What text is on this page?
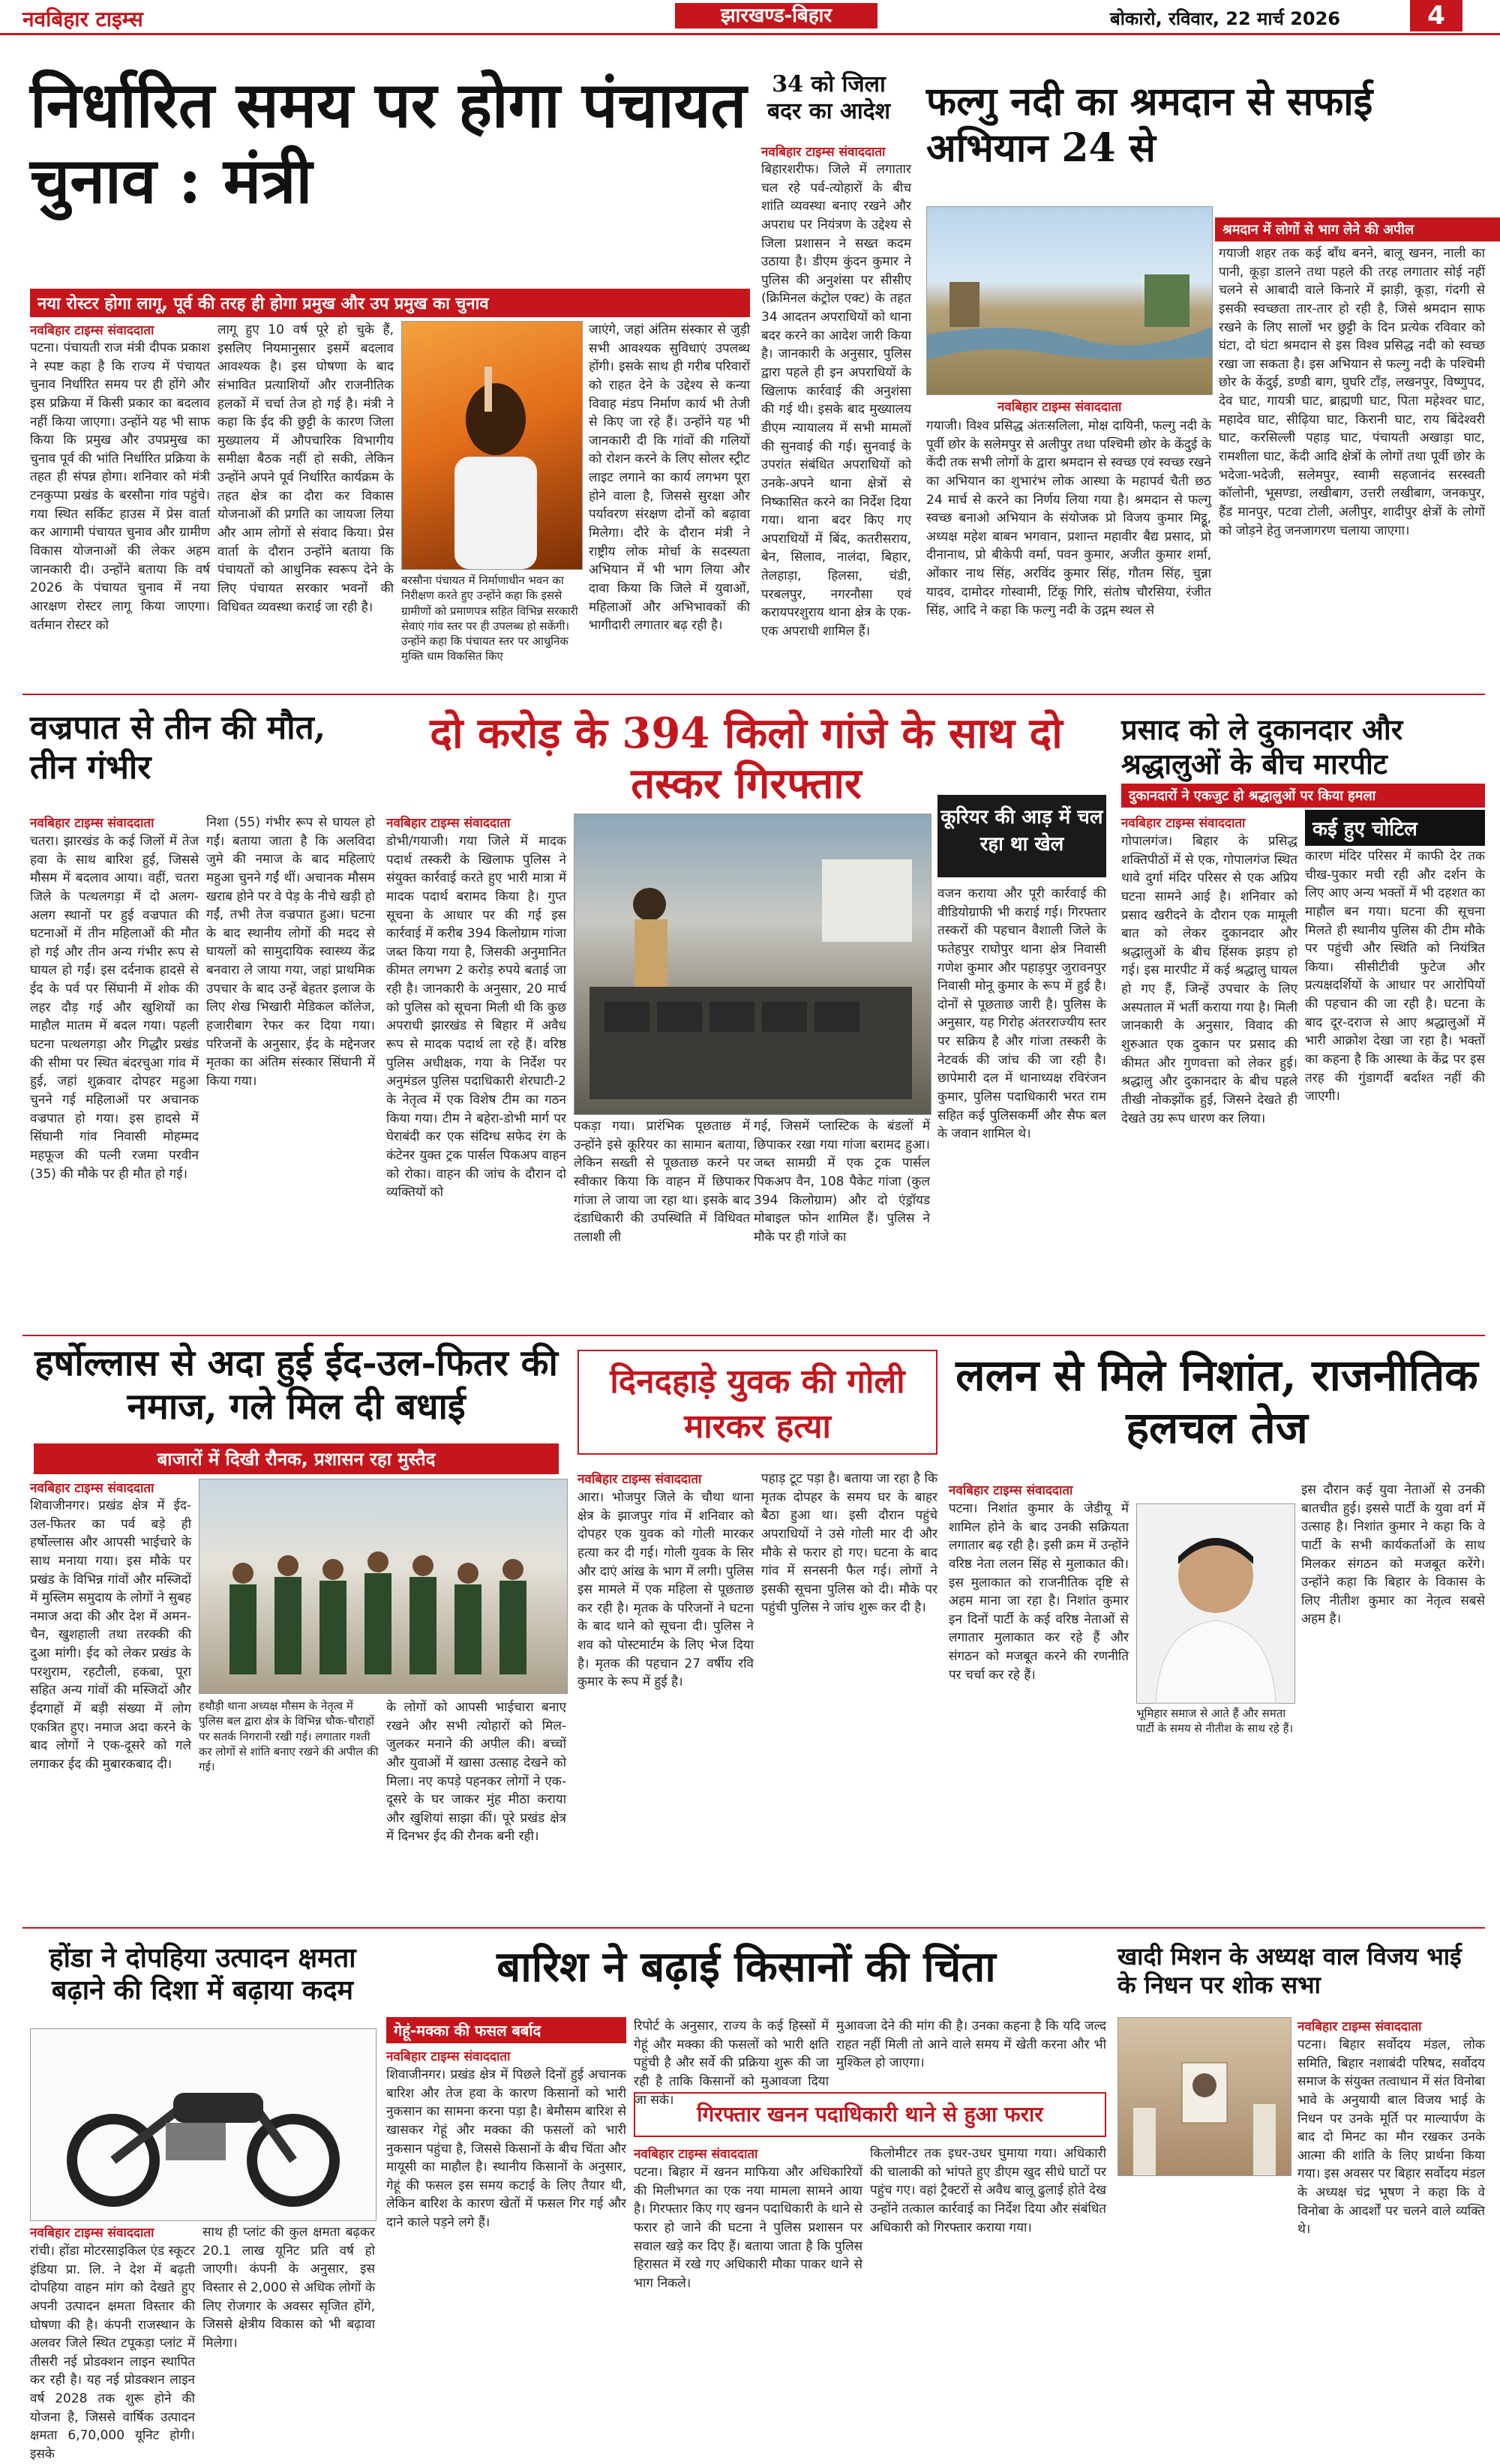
नवबिहार टाइम्स	झारखण्ड-बिहार	बोकारो, रविवार, 22 मार्च 2026	4
निर्धारित समय पर होगा पंचायत चुनाव : मंत्री
नया रोस्टर होगा लागू, पूर्व की तरह ही होगा प्रमुख और उप प्रमुख का चुनाव
नवबिहार टाइम्स संवाददाता
पटना। पंचायती राज मंत्री दीपक प्रकाश ने स्पष्ट कहा है कि राज्य में पंचायत चुनाव निर्धारित समय पर ही होंगे और इस प्रक्रिया में किसी प्रकार का बदलाव नहीं किया जाएगा। उन्होंने यह भी साफ किया कि प्रमुख और उपप्रमुख का चुनाव पूर्व की भांति निर्धारित प्रक्रिया के तहत ही संपन्न होगा। शनिवार को मंत्री टनकुप्पा प्रखंड के बरसौना गांव पहुंचे। गया स्थित सर्किट हाउस में प्रेस वार्ता कर आगामी पंचायत चुनाव और ग्रामीण विकास योजनाओं की लेकर अहम जानकारी दी। उन्होंने बताया कि वर्ष 2026 के पंचायत चुनाव में नया आरक्षण रोस्टर लागू किया जाएगा। वर्तमान रोस्टर को
लागू हुए 10 वर्ष पूरे हो चुके हैं, इसलिए नियमानुसार इसमें बदलाव आवश्यक है। इस घोषणा के बाद संभावित प्रत्याशियों और राजनीतिक हलकों में चर्चा तेज हो गई है। मंत्री ने कहा कि ईद की छुट्टी के कारण जिला मुख्यालय में औपचारिक विभागीय समीक्षा बैठक नहीं हो सकी, लेकिन उन्होंने अपने पूर्व निर्धारित कार्यक्रम के तहत क्षेत्र का दौरा कर विकास योजनाओं की प्रगति का जायजा लिया और आम लोगों से संवाद किया। प्रेस वार्ता के दौरान उन्होंने बताया कि पंचायतों को आधुनिक स्वरूप देने के लिए पंचायत सरकार भवनों की विधिवत व्यवस्था कराई जा रही है।
बरसौना पंचायत में निर्माणाधीन भवन का निरीक्षण करते हुए उन्होंने कहा कि इससे ग्रामीणों को प्रमाणपत्र सहित विभिन्न सरकारी सेवाएं गांव स्तर पर ही उपलब्ध हो सकेंगी। उन्होंने कहा कि पंचायत स्तर पर आधुनिक मुक्ति धाम विकसित किए
जाएंगे, जहां अंतिम संस्कार से जुड़ी सभी आवश्यक सुविधाएं उपलब्ध होंगी। इसके साथ ही गरीब परिवारों को राहत देने के उद्देश्य से कन्या विवाह मंडप निर्माण कार्य भी तेजी से किए जा रहे हैं। उन्होंने यह भी जानकारी दी कि गांवों की गलियों को रोशन करने के लिए सोलर स्ट्रीट लाइट लगाने का कार्य लगभग पूरा होने वाला है, जिससे सुरक्षा और पर्यावरण संरक्षण दोनों को बढ़ावा मिलेगा। दौरे के दौरान मंत्री ने राष्ट्रीय लोक मोर्चा के सदस्यता अभियान में भी भाग लिया और दावा किया कि जिले में युवाओं, महिलाओं और अभिभावकों की भागीदारी लगातार बढ़ रही है।
34 को जिला बदर का आदेश
नवबिहार टाइम्स संवाददाता
बिहारशरीफ। जिले में लगातार चल रहे पर्व-त्योहारों के बीच शांति व्यवस्था बनाए रखने और अपराध पर नियंत्रण के उद्देश्य से जिला प्रशासन ने सख्त कदम उठाया है। डीएम कुंदन कुमार ने पुलिस की अनुशंसा पर सीसीए (क्रिमिनल कंट्रोल एक्ट) के तहत 34 आदतन अपराधियों को थाना बदर करने का आदेश जारी किया है। जानकारी के अनुसार, पुलिस द्वारा पहले ही इन अपराधियों के खिलाफ कार्रवाई की अनुशंसा की गई थी। इसके बाद मुख्यालय डीएम न्यायालय में सभी मामलों की सुनवाई की गई। सुनवाई के उपरांत संबंधित अपराधियों को उनके-अपने थाना क्षेत्रों से निष्कासित करने का निर्देश दिया गया। थाना बदर किए गए अपराधियों में बिंद, कतरीसराय, बेन, सिलाव, नालंदा, बिहार, तेलहाड़ा, हिलसा, चंडी, परबलपुर, नगरनौसा एवं करायपरशुराय थाना क्षेत्र के एक-एक अपराधी शामिल हैं।
फल्गु नदी का श्रमदान से सफाई अभियान 24 से
श्रमदान में लोगों से भाग लेने की अपील
नवबिहार टाइम्स संवाददाता
गयाजी। विश्व प्रसिद्ध अंतःसलिला, मोक्ष दायिनी, फल्गु नदी के पूर्वी छोर के सलेमपुर से अलीपुर तथा पश्चिमी छोर के केंदुई के केंदी तक सभी लोगों के द्वारा श्रमदान से स्वच्छ एवं स्वच्छ रखने का अभियान का शुभारंभ लोक आस्था के महापर्व चैती छठ 24 मार्च से करने का निर्णय लिया गया है। श्रमदान से फल्गु स्वच्छ बनाओ अभियान के संयोजक प्रो विजय कुमार मिट्ठू, अध्यक्ष महेश बाबन भगवान, प्रशान्त महावीर बैद्य प्रसाद, प्रो दीनानाथ, प्रो बीकेपी वर्मा, पवन कुमार, अजीत कुमार शर्मा, ओंकार नाथ सिंह, अरविंद कुमार सिंह, गौतम सिंह, चुन्ना यादव, दामोदर गोस्वामी, टिंकू गिरि, संतोष चौरसिया, रंजीत सिंह, आदि ने कहा कि फल्गु नदी के उद्गम स्थल से
गयाजी शहर तक कई बाँध बनने, बालू खनन, नाली का पानी, कूड़ा डालने तथा पहले की तरह लगातार सोई नहीं चलने से आबादी वाले किनारे में झाड़ी, कूड़ा, गंदगी से इसकी स्वच्छता तार-तार हो रही है, जिसे श्रमदान साफ रखने के लिए सालों भर छुट्टी के दिन प्रत्येक रविवार को घंटा, दो घंटा श्रमदान से इस विश्व प्रसिद्ध नदी को स्वच्छ रखा जा सकता है। इस अभियान से फल्गु नदी के पश्चिमी छोर के केंदुई, डण्डी बाग, घुघरि टाँड़, लखनपुर, विष्णुपद, देव घाट, गायत्री घाट, ब्राह्मणी घाट, पिता महेश्वर घाट, महादेव घाट, सीढ़िया घाट, किरानी घाट, राय बिंदेश्वरी घाट, करसिल्ली पहाड़ घाट, पंचायती अखाड़ा घाट, रामशीला घाट, केंदी आदि क्षेत्रों के लोगों तथा पूर्वी छोर के भदेजा-भदेजी, सलेमपुर, स्वामी सहजानंद सरस्वती कॉलोनी, भूसण्डा, लखीबाग, उत्तरी लखीबाग, जनकपुर, हैंड मानपुर, पटवा टोली, अलीपुर, शादीपुर क्षेत्रों के लोगों को जोड़ने हेतु जनजागरण चलाया जाएगा।
वज्रपात से तीन की मौत, तीन गंभीर
नवबिहार टाइम्स संवाददाता
चतरा। झारखंड के कई जिलों में तेज हवा के साथ बारिश हुई, जिससे मौसम में बदलाव आया। वहीं, चतरा जिले के पत्थलगड़ा में दो अलग-अलग स्थानों पर हुई वज्रपात की घटनाओं में तीन महिलाओं की मौत हो गई और तीन अन्य गंभीर रूप से घायल हो गईं। इस दर्दनाक हादसे से ईद के पर्व पर सिंघानी में शोक की लहर दौड़ गई और खुशियों का माहौल मातम में बदल गया। पहली घटना पत्थलगड़ा और गिद्धौर प्रखंड की सीमा पर स्थित बंदरचुआ गांव में हुई, जहां शुक्रवार दोपहर महुआ चुनने गई महिलाओं पर अचानक वज्रपात हो गया। इस हादसे में सिंघानी गांव निवासी मोहम्मद महफूज की पत्नी रजमा परवीन (35) की मौके पर ही मौत हो गई।
निशा (55) गंभीर रूप से घायल हो गईं। बताया जाता है कि अलविदा जुमे की नमाज के बाद महिलाएं महुआ चुनने गईं थीं। अचानक मौसम खराब होने पर वे पेड़ के नीचे खड़ी हो गईं, तभी तेज वज्रपात हुआ। घटना के बाद स्थानीय लोगों की मदद से घायलों को सामुदायिक स्वास्थ्य केंद्र बनवारा ले जाया गया, जहां प्राथमिक उपचार के बाद उन्हें बेहतर इलाज के लिए शेख भिखारी मेडिकल कॉलेज, हजारीबाग रेफर कर दिया गया। परिजनों के अनुसार, ईद के मद्देनजर मृतका का अंतिम संस्कार सिंघानी में किया गया।
दो करोड़ के 394 किलो गांजे के साथ दो तस्कर गिरफ्तार
नवबिहार टाइम्स संवाददाता
डोभी/गयाजी। गया जिले में मादक पदार्थ तस्करी के खिलाफ पुलिस ने संयुक्त कार्रवाई करते हुए भारी मात्रा में मादक पदार्थ बरामद किया है। गुप्त सूचना के आधार पर की गई इस कार्रवाई में करीब 394 किलोग्राम गांजा जब्त किया गया है, जिसकी अनुमानित कीमत लगभग 2 करोड़ रुपये बताई जा रही है। जानकारी के अनुसार, 20 मार्च को पुलिस को सूचना मिली थी कि कुछ अपराधी झारखंड से बिहार में अवैध रूप से मादक पदार्थ ला रहे हैं। वरिष्ठ पुलिस अधीक्षक, गया के निर्देश पर अनुमंडल पुलिस पदाधिकारी शेरघाटी-2 के नेतृत्व में एक विशेष टीम का गठन किया गया। टीम ने बहेरा-डोभी मार्ग पर घेराबंदी कर एक संदिग्ध सफेद रंग के कंटेनर युक्त ट्रक पार्सल पिकअप वाहन को रोका। वाहन की जांच के दौरान दो व्यक्तियों को
पकड़ा गया। प्रारंभिक पूछताछ में उन्होंने इसे कूरियर का सामान बताया, लेकिन सख्ती से पूछताछ करने पर स्वीकार किया कि वाहन में छिपाकर गांजा ले जाया जा रहा था। इसके बाद दंडाधिकारी की उपस्थिति में विधिवत तलाशी ली
गई, जिसमें प्लास्टिक के बंडलों में छिपाकर रखा गया गांजा बरामद हुआ। जब्त सामग्री में एक ट्रक पार्सल पिकअप वैन, 108 पैकेट गांजा (कुल 394 किलोग्राम) और दो एंड्रॉयड मोबाइल फोन शामिल हैं। पुलिस ने मौके पर ही गांजे का
कूरियर की आड़ में चल रहा था खेल
वजन कराया और पूरी कार्रवाई की वीडियोग्राफी भी कराई गई। गिरफ्तार तस्करों की पहचान वैशाली जिले के फतेहपुर राघोपुर थाना क्षेत्र निवासी गणेश कुमार और पहाड़पुर जुरावनपुर निवासी मोनू कुमार के रूप में हुई है। दोनों से पूछताछ जारी है। पुलिस के अनुसार, यह गिरोह अंतरराज्यीय स्तर पर सक्रिय है और गांजा तस्करी के नेटवर्क की जांच की जा रही है। छापेमारी दल में थानाध्यक्ष रविरंजन कुमार, पुलिस पदाधिकारी भरत राम सहित कई पुलिसकर्मी और सैफ बल के जवान शामिल थे।
प्रसाद को ले दुकानदार और श्रद्धालुओं के बीच मारपीट
दुकानदारों ने एकजुट हो श्रद्धालुओं पर किया हमला
नवबिहार टाइम्स संवाददाता	कई हुए चोटिल
गोपालगंज। बिहार के प्रसिद्ध शक्तिपीठों में से एक, गोपालगंज स्थित थावे दुर्गा मंदिर परिसर से एक अप्रिय घटना सामने आई है। शनिवार को प्रसाद खरीदने के दौरान एक मामूली बात को लेकर दुकानदार और श्रद्धालुओं के बीच हिंसक झड़प हो गई। इस मारपीट में कई श्रद्धालु घायल हो गए हैं, जिन्हें उपचार के लिए अस्पताल में भर्ती कराया गया है। मिली जानकारी के अनुसार, विवाद की शुरुआत एक दुकान पर प्रसाद की कीमत और गुणवत्ता को लेकर हुई। श्रद्धालु और दुकानदार के बीच पहले तीखी नोकझोंक हुई, जिसने देखते ही देखते उग्र रूप धारण कर लिया।
कारण मंदिर परिसर में काफी देर तक चीख-पुकार मची रही और दर्शन के लिए आए अन्य भक्तों में भी दहशत का माहौल बन गया। घटना की सूचना मिलते ही स्थानीय पुलिस की टीम मौके पर पहुंची और स्थिति को नियंत्रित किया। सीसीटीवी फुटेज और प्रत्यक्षदर्शियों के आधार पर आरोपियों की पहचान की जा रही है। घटना के बाद दूर-दराज से आए श्रद्धालुओं में भारी आक्रोश देखा जा रहा है। भक्तों का कहना है कि आस्था के केंद्र पर इस तरह की गुंडागर्दी बर्दाश्त नहीं की जाएगी।
हर्षोल्लास से अदा हुई ईद-उल-फितर की नमाज, गले मिल दी बधाई
बाजारों में दिखी रौनक, प्रशासन रहा मुस्तैद
नवबिहार टाइम्स संवाददाता
शिवाजीनगर। प्रखंड क्षेत्र में ईद-उल-फितर का पर्व बड़े ही हर्षोल्लास और आपसी भाईचारे के साथ मनाया गया। इस मौके पर प्रखंड के विभिन्न गांवों और मस्जिदों में मुस्लिम समुदाय के लोगों ने सुबह नमाज अदा की और देश में अमन-चैन, खुशहाली तथा तरक्की की दुआ मांगी। ईद को लेकर प्रखंड के परशुराम, रहटौली, हकबा, पूरा सहित अन्य गांवों की मस्जिदों और ईदगाहों में बड़ी संख्या में लोग एकत्रित हुए। नमाज अदा करने के बाद लोगों ने एक-दूसरे को गले लगाकर ईद की मुबारकबाद दी।
हथौड़ी थाना अध्यक्ष मौसम के नेतृत्व में पुलिस बल द्वारा क्षेत्र के विभिन्न चौक-चौराहों पर सतर्क निगरानी रखी गई। लगातार गश्ती कर लोगों से शांति बनाए रखने की अपील की गई।
के लोगों को आपसी भाईचारा बनाए रखने और सभी त्योहारों को मिल-जुलकर मनाने की अपील की। बच्चों और युवाओं में खासा उत्साह देखने को मिला। नए कपड़े पहनकर लोगों ने एक-दूसरे के घर जाकर मुंह मीठा कराया और खुशियां साझा कीं। पूरे प्रखंड क्षेत्र में दिनभर ईद की रौनक बनी रही।
दिनदहाड़े युवक की गोली मारकर हत्या
नवबिहार टाइम्स संवाददाता
आरा। भोजपुर जिले के चौथा थाना क्षेत्र के झाजपुर गांव में शनिवार को दोपहर एक युवक को गोली मारकर हत्या कर दी गई। गोली युवक के सिर और दाएं आंख के भाग में लगी। पुलिस इस मामले में एक महिला से पूछताछ कर रही है। मृतक के परिजनों ने घटना के बाद थाने को सूचना दी। पुलिस ने शव को पोस्टमार्टम के लिए भेज दिया है। मृतक की पहचान 27 वर्षीय रवि कुमार के रूप में हुई है।
पहाड़ टूट पड़ा है। बताया जा रहा है कि मृतक दोपहर के समय घर के बाहर बैठा हुआ था। इसी दौरान पहुंचे अपराधियों ने उसे गोली मार दी और मौके से फरार हो गए। घटना के बाद गांव में सनसनी फैल गई। लोगों ने इसकी सूचना पुलिस को दी। मौके पर पहुंची पुलिस ने जांच शुरू कर दी है।
ललन से मिले निशांत, राजनीतिक हलचल तेज
नवबिहार टाइम्स संवाददाता
पटना। निशांत कुमार के जेडीयू में शामिल होने के बाद उनकी सक्रियता लगातार बढ़ रही है। इसी क्रम में उन्होंने वरिष्ठ नेता ललन सिंह से मुलाकात की। इस मुलाकात को राजनीतिक दृष्टि से अहम माना जा रहा है। निशांत कुमार इन दिनों पार्टी के कई वरिष्ठ नेताओं से लगातार मुलाकात कर रहे हैं और संगठन को मजबूत करने की रणनीति पर चर्चा कर रहे हैं।
भूमिहार समाज से आते हैं और समता पार्टी के समय से नीतीश के साथ रहे हैं।
इस दौरान कई युवा नेताओं से उनकी बातचीत हुई। इससे पार्टी के युवा वर्ग में उत्साह है। निशांत कुमार ने कहा कि वे पार्टी के सभी कार्यकर्ताओं के साथ मिलकर संगठन को मजबूत करेंगे। उन्होंने कहा कि बिहार के विकास के लिए नीतीश कुमार का नेतृत्व सबसे अहम है।
होंडा ने दोपहिया उत्पादन क्षमता बढ़ाने की दिशा में बढ़ाया कदम
नवबिहार टाइम्स संवाददाता
रांची। होंडा मोटरसाइकिल एंड स्कूटर इंडिया प्रा. लि. ने देश में बढ़ती दोपहिया वाहन मांग को देखते हुए अपनी उत्पादन क्षमता विस्तार की घोषणा की है। कंपनी राजस्थान के अलवर जिले स्थित टपूकड़ा प्लांट में तीसरी नई प्रोडक्शन लाइन स्थापित कर रही है। यह नई प्रोडक्शन लाइन वर्ष 2028 तक शुरू होने की योजना है, जिससे वार्षिक उत्पादन क्षमता 6,70,000 यूनिट होगी। इसके
साथ ही प्लांट की कुल क्षमता बढ़कर 20.1 लाख यूनिट प्रति वर्ष हो जाएगी। कंपनी के अनुसार, इस विस्तार से 2,000 से अधिक लोगों के लिए रोजगार के अवसर सृजित होंगे, जिससे क्षेत्रीय विकास को भी बढ़ावा मिलेगा।
बारिश ने बढ़ाई किसानों की चिंता
गेहूं-मक्का की फसल बर्बाद
नवबिहार टाइम्स संवाददाता
शिवाजीनगर। प्रखंड क्षेत्र में पिछले दिनों हुई अचानक बारिश और तेज हवा के कारण किसानों को भारी नुकसान का सामना करना पड़ा है। बेमौसम बारिश से खासकर गेहूं और मक्का की फसलों को भारी नुकसान पहुंचा है, जिससे किसानों के बीच चिंता और मायूसी का माहौल है। स्थानीय किसानों के अनुसार, गेहूं की फसल इस समय कटाई के लिए तैयार थी, लेकिन बारिश के कारण खेतों में फसल गिर गई और दाने काले पड़ने लगे हैं।
रिपोर्ट के अनुसार, राज्य के कई हिस्सों में गेहूं और मक्का की फसलों को भारी क्षति पहुंची है और सर्वे की प्रक्रिया शुरू की जा रही है ताकि किसानों को मुआवजा दिया जा सके।
मुआवजा देने की मांग की है। उनका कहना है कि यदि जल्द राहत नहीं मिली तो आने वाले समय में खेती करना और भी मुश्किल हो जाएगा।
गिरफ्तार खनन पदाधिकारी थाने से हुआ फरार
नवबिहार टाइम्स संवाददाता
पटना। बिहार में खनन माफिया और अधिकारियों की मिलीभगत का एक नया मामला सामने आया है। गिरफ्तार किए गए खनन पदाधिकारी के थाने से फरार हो जाने की घटना ने पुलिस प्रशासन पर सवाल खड़े कर दिए हैं। बताया जाता है कि पुलिस हिरासत में रखे गए अधिकारी मौका पाकर थाने से भाग निकले।
किलोमीटर तक इधर-उधर घुमाया गया। अधिकारी की चालाकी को भांपते हुए डीएम खुद सीधे घाटों पर पहुंच गए। वहां ट्रैक्टरों से अवैध बालू ढुलाई होते देख उन्होंने तत्काल कार्रवाई का निर्देश दिया और संबंधित अधिकारी को गिरफ्तार कराया गया।
खादी मिशन के अध्यक्ष वाल विजय भाई के निधन पर शोक सभा
नवबिहार टाइम्स संवाददाता
पटना। बिहार सर्वोदय मंडल, लोक समिति, बिहार नशाबंदी परिषद, सर्वोदय समाज के संयुक्त तत्वाधान में संत विनोबा भावे के अनुयायी बाल विजय भाई के निधन पर उनके मूर्ति पर माल्यार्पण के बाद दो मिनट का मौन रखकर उनके आत्मा की शांति के लिए प्रार्थना किया गया। इस अवसर पर बिहार सर्वोदय मंडल के अध्यक्ष चंद्र भूषण ने कहा कि वे विनोबा के आदर्शों पर चलने वाले व्यक्ति थे।
